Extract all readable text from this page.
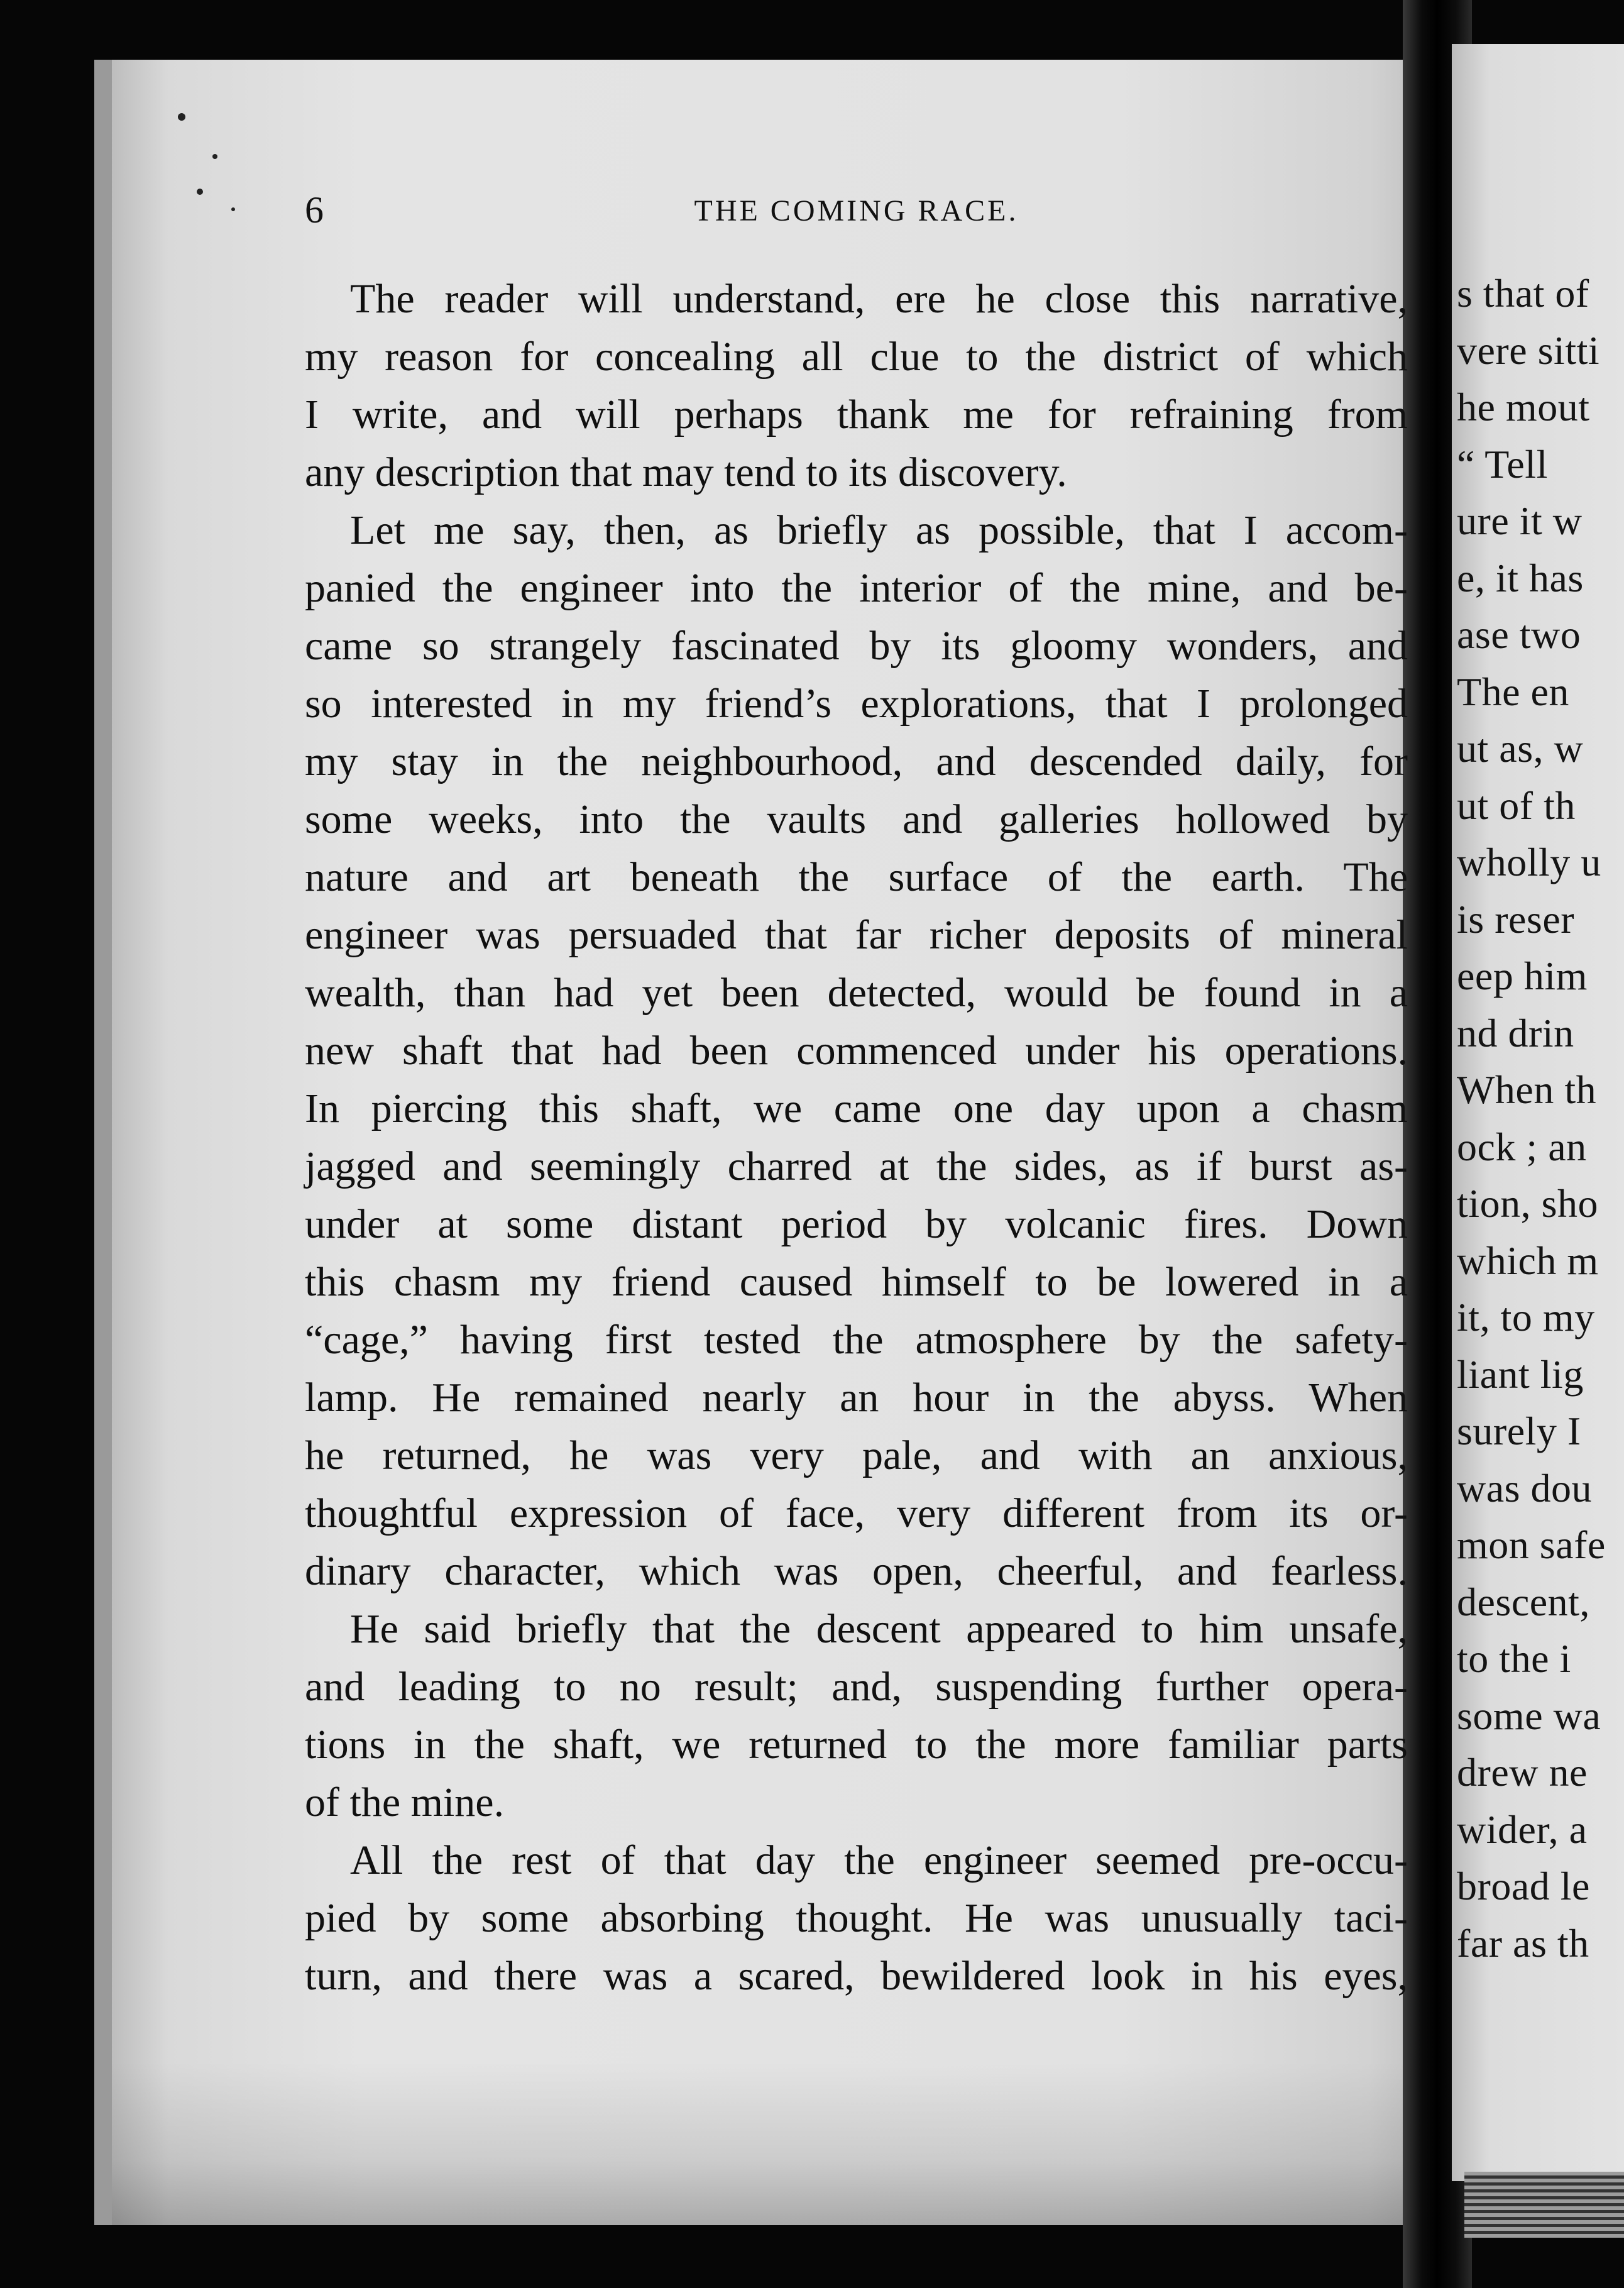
s that of
vere sitti
he mout
“ Tell
ure it w
e, it has
ase two
The en
ut as, w
ut of th
wholly u
is reser
eep him
nd drin
When th
ock ; an
tion, sho
which m
it, to my
liant lig
surely I
was dou
mon safe
descent,
to the i
some wa
drew ne
wider, a
broad le
far as th
6	THE COMING RACE.
The reader will understand, ere he close this narrative,
my reason for concealing all clue to the district of which
I write, and will perhaps thank me for refraining from
any description that may tend to its discovery.
Let me say, then, as briefly as possible, that I accom-
panied the engineer into the interior of the mine, and be-
came so strangely fascinated by its gloomy wonders, and
so interested in my friend’s explorations, that I prolonged
my stay in the neighbourhood, and descended daily, for
some weeks, into the vaults and galleries hollowed by
nature and art beneath the surface of the earth. The
engineer was persuaded that far richer deposits of mineral
wealth, than had yet been detected, would be found in a
new shaft that had been commenced under his operations.
In piercing this shaft, we came one day upon a chasm
jagged and seemingly charred at the sides, as if burst as-
under at some distant period by volcanic fires. Down
this chasm my friend caused himself to be lowered in a
“cage,” having first tested the atmosphere by the safety-
lamp. He remained nearly an hour in the abyss. When
he returned, he was very pale, and with an anxious,
thoughtful expression of face, very different from its or-
dinary character, which was open, cheerful, and fearless.
He said briefly that the descent appeared to him unsafe,
and leading to no result; and, suspending further opera-
tions in the shaft, we returned to the more familiar parts
of the mine.
All the rest of that day the engineer seemed pre-occu-
pied by some absorbing thought. He was unusually taci-
turn, and there was a scared, bewildered look in his eyes,
